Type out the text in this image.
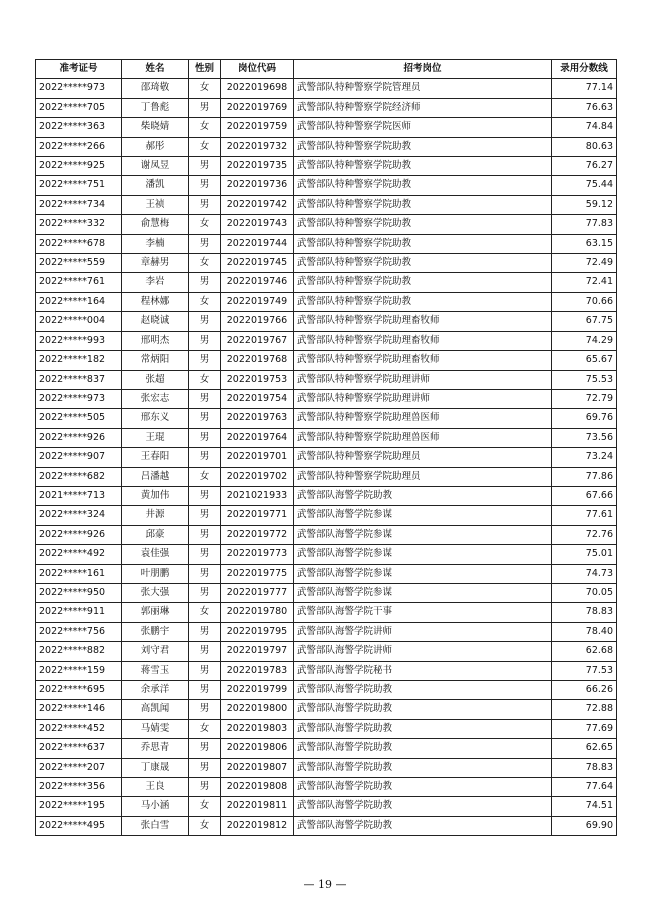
准考证号	姓名	性别	岗位代码	招考岗位	录用分数线
2022*****973	邵琦敬	女	2022019698	武警部队特种警察学院管理员	77.14
2022*****705	丁鲁彪	男	2022019769	武警部队特种警察学院经济师	76.63
2022*****363	柴晓婧	女	2022019759	武警部队特种警察学院医师	74.84
2022*****266	郝彤	女	2022019732	武警部队特种警察学院助教	80.63
2022*****925	谢凤昱	男	2022019735	武警部队特种警察学院助教	76.27
2022*****751	潘凯	男	2022019736	武警部队特种警察学院助教	75.44
2022*****734	王祯	男	2022019742	武警部队特种警察学院助教	59.12
2022*****332	俞慧梅	女	2022019743	武警部队特种警察学院助教	77.83
2022*****678	李楠	男	2022019744	武警部队特种警察学院助教	63.15
2022*****559	章赫男	女	2022019745	武警部队特种警察学院助教	72.49
2022*****761	李岩	男	2022019746	武警部队特种警察学院助教	72.41
2022*****164	程林娜	女	2022019749	武警部队特种警察学院助教	70.66
2022*****004	赵晓诚	男	2022019766	武警部队特种警察学院助理畜牧师	67.75
2022*****993	邢明杰	男	2022019767	武警部队特种警察学院助理畜牧师	74.29
2022*****182	常炳阳	男	2022019768	武警部队特种警察学院助理畜牧师	65.67
2022*****837	张超	女	2022019753	武警部队特种警察学院助理讲师	75.53
2022*****973	张宏志	男	2022019754	武警部队特种警察学院助理讲师	72.79
2022*****505	邢东义	男	2022019763	武警部队特种警察学院助理兽医师	69.76
2022*****926	王琨	男	2022019764	武警部队特种警察学院助理兽医师	73.56
2022*****907	王春阳	男	2022019701	武警部队特种警察学院助理员	73.24
2022*****682	吕潘越	女	2022019702	武警部队特种警察学院助理员	77.86
2021*****713	黄加伟	男	2021021933	武警部队海警学院助教	67.66
2022*****324	井源	男	2022019771	武警部队海警学院参谋	77.61
2022*****926	邱豪	男	2022019772	武警部队海警学院参谋	72.76
2022*****492	袁佳强	男	2022019773	武警部队海警学院参谋	75.01
2022*****161	叶朋鹏	男	2022019775	武警部队海警学院参谋	74.73
2022*****950	张大强	男	2022019777	武警部队海警学院参谋	70.05
2022*****911	郭丽琳	女	2022019780	武警部队海警学院干事	78.83
2022*****756	张鹏宇	男	2022019795	武警部队海警学院讲师	78.40
2022*****882	刘守君	男	2022019797	武警部队海警学院讲师	62.68
2022*****159	蒋雪玉	男	2022019783	武警部队海警学院秘书	77.53
2022*****695	余承洋	男	2022019799	武警部队海警学院助教	66.26
2022*****146	高凯闻	男	2022019800	武警部队海警学院助教	72.88
2022*****452	马婧雯	女	2022019803	武警部队海警学院助教	77.69
2022*****637	乔思青	男	2022019806	武警部队海警学院助教	62.65
2022*****207	丁康晟	男	2022019807	武警部队海警学院助教	78.83
2022*****356	王良	男	2022019808	武警部队海警学院助教	77.64
2022*****195	马小涵	女	2022019811	武警部队海警学院助教	74.51
2022*****495	张白雪	女	2022019812	武警部队海警学院助教	69.90
— 19 —
